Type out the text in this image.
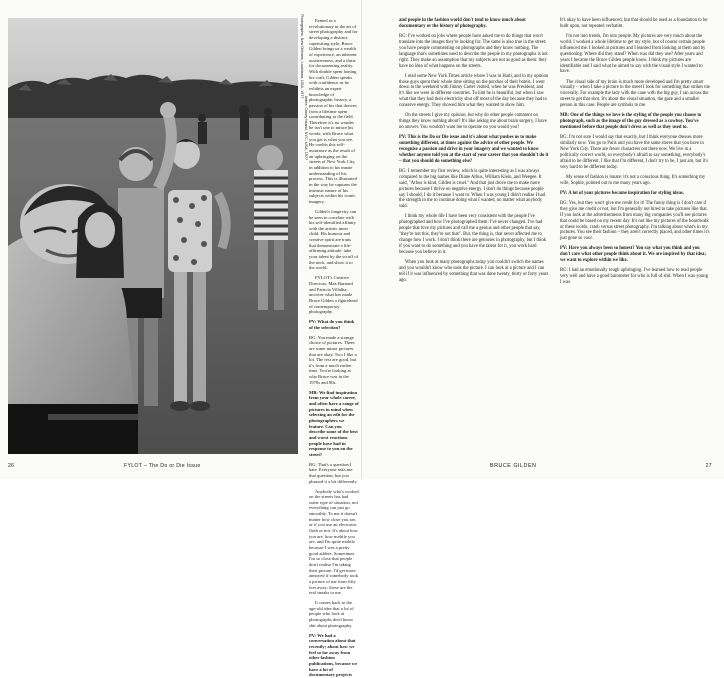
Photographs: New Orleans, Louisiana, USA, 1977	Famed as a revolutionary in the art of street photography and for developing a distinct, captivating style, Bruce Gilden brings us a wealth of experience, an inherent assertiveness, and a thirst for documenting reality. With double spent honing his craft, Gilden speaks with confidence as he exhibits an expert knowledge of photographic history, a passion of his that derives from a lifetime spent contributing to the field. Therefore it's no wonder he isn't one to mince his words; with Bruce what you get is what you see. He credits this self-assurance as the result of an upbringing on the streets of New York City, in addition to his innate understanding of his process. This is illustrated in the way he captures the intrinsic nature of his subjects within his iconic imagery.

Gilden's longevity can be seen to correlate with his self-identified affinity with the artistic inner child. His humour and creative spirit are traits that demonstrate a life-affirming attitude: take your talent by the scruff of the neck, and show it to the world.

FYLOT's Creative Directors, Max Barnard and Patricia Villalba, uncover what has made Bruce Gilden a figurehead of contemporary photography.

PV: What do you think of the selection?

BG: You made a strange choice of pictures. There are some minor pictures that are okay. Two I like a lot. The rest are good, but it's from a much earlier time. You're looking at who Bruce was in the 1970s and 80s.

MB: We find inspiration from your whole career, and often have a range of pictures in mind when selecting an edit for the photographers we feature. Can you describe some of the best and worst reactions people have had in response to you on the street?

BG: That's a question I hate. Everyone asks me that question, but you phrased it a bit differently.

Anybody who's worked on the streets has had some type of situation, not everything can just go smoothly. To me it doesn't matter how close you are, or if you use an electronic flash or not. It's about how you are, how mobile you are, and I'm quite mobile because I was a pretty good athlete. Sometimes I'm so close that people don't realise I'm taking their picture. I'd get more annoyed if somebody took a picture of me from fifty feet away; those are the real sneaks to me.

It comes back to the age-old idea that a lot of people who look at photographs don't know shit about photography.

PV: We had a conversation about that recently; about how we feel so far away from other fashion publications, because we have a lot of documentary projects

26	FYLOT – The Do or Die Issue
Index: Coney Island, NYC, USA, 1977

and people in the fashion world don't tend to know much about documentary or the history of photography.

BG: I've worked on jobs where people have asked me to do things that won't translate into the images they're looking for. The same is also true in the street: you have people commenting on photographs and they know nothing. The language that's sometimes used to describe the people in my photographs is not right. They make an assumption that my subjects are not as good as them: they have no idea of what happens on the streets.

I read some New York Times article where I was in Haiti, and in my opinion those guys spent their whole time sitting on the porches of their hotels. I went down to the weekend with Jimmy Carter visited, when he was President, and it's like we were in different countries. To him he is beautiful, but when I saw what that they had their electricity shut off most of the day because they had to conserve energy. They showed him what they wanted to show him.

On the streets I give my opinion, but why do other people comment on things they know nothing about? It's like asking me about brain surgery, I have no answer. You wouldn't want me to operate on you would you?

PV: This is the Do or Die issue and it's about what pushes us to make something different, at times against the advice of other people. We recognise a passion and drive in your imagery and we wanted to know whether anyone told you at the start of your career that you shouldn't do it – that you should do something else?

BG: I remember my first review, which is quite interesting as I was always compared to the big names like Diane Arbus, William Klein, and Weegee. It said, "Arbus is kind, Gilden is cruel." And that just drove me to make more pictures because I thrive on negative energy. I don't do things because people say I should, I do it because I want to. When I was young I didn't realise I had the strength in me to continue doing what I wanted, no matter what anybody said.

I think my whole life I have been very consistent with the people I've photographed and how I've photographed them: I've never changed. I've had people that love my pictures and call me a genius and other people that say, "they're not this, they're not that". But, the thing is, that never affected me to change how I work. I don't think there are geniuses in photography, but I think if you want to do something and you have the talent for it, you work hard because you believe in it.

When you look at many photographs today you couldn't switch the names and you wouldn't know who took the picture. I can look at a picture and I can tell if it was influenced by something that was done twenty, thirty or forty years ago.

It's okay to have been influenced, but that should be used as a foundation to be built upon, not repeated verbatim.

I'm not into trends, I'm into people. My pictures are very much about the world. I worked a whole lifetime to get my style, but of course certain people influenced me. I looked at pictures and I learned from looking at them and by questioning: Where did they stand? When was did they use? After years and years I became the Bruce Gilden people know. I think my pictures are identifiable and I said what he aimed to say with the visual style I wanted to have.

The visual side of my brain is much more developed and I'm pretty smart visually – when I take a picture in the street I look for something that strikes me viscerally. For example the lady with the cane with the big guy, I ran across the street to get that shot. It's about the visual situation, the gaze and a smaller person in this case. People are symbols to me.

MB: One of the things we love is the styling of the people you choose to photograph, such as the image of the guy dressed as a cowboy. You've mentioned before that people don't dress as well as they used to.

BG: I'm not sure I would say that exactly, but I think everyone dresses more similarly now. You go to Paris and you have the same stores that you have in New York City. There are fewer characters out there now. We live in a politically correct world, so everybody's afraid to say something, everybody's afraid to be different. I like that I'm different, I don't try to be, I just am, but it's very hard to be different today.

My sense of fashion is innate: it's not a conscious thing. It's something my wife, Sophie, pointed out to me many years ago.

PV: A lot of your pictures became inspiration for styling ideas.

BG: Yes, but they won't give me credit for it! The funny thing is I don't care if they give me credit or not, but I'm generally not hired to take pictures like that. If you look at the advertisements from many big companies you'll see pictures that could be based on my recent day. It's not like my pictures of the boardwalk or these words, crash versus street photography. I'm talking about what's in my pictures. You see their fashion – they aren't correctly placed, and other times it's just gone so cool.

PV: Have you always been so honest? You say what you think and you don't care what other people think about it. We are inspired by that idea; we want to explore within we like.

BG: I had an emotionally tough upbringing. I've learned how to read people very well and have a good barometer for who is full of shit. When I was young I was

BRUCE GILDEN	27
